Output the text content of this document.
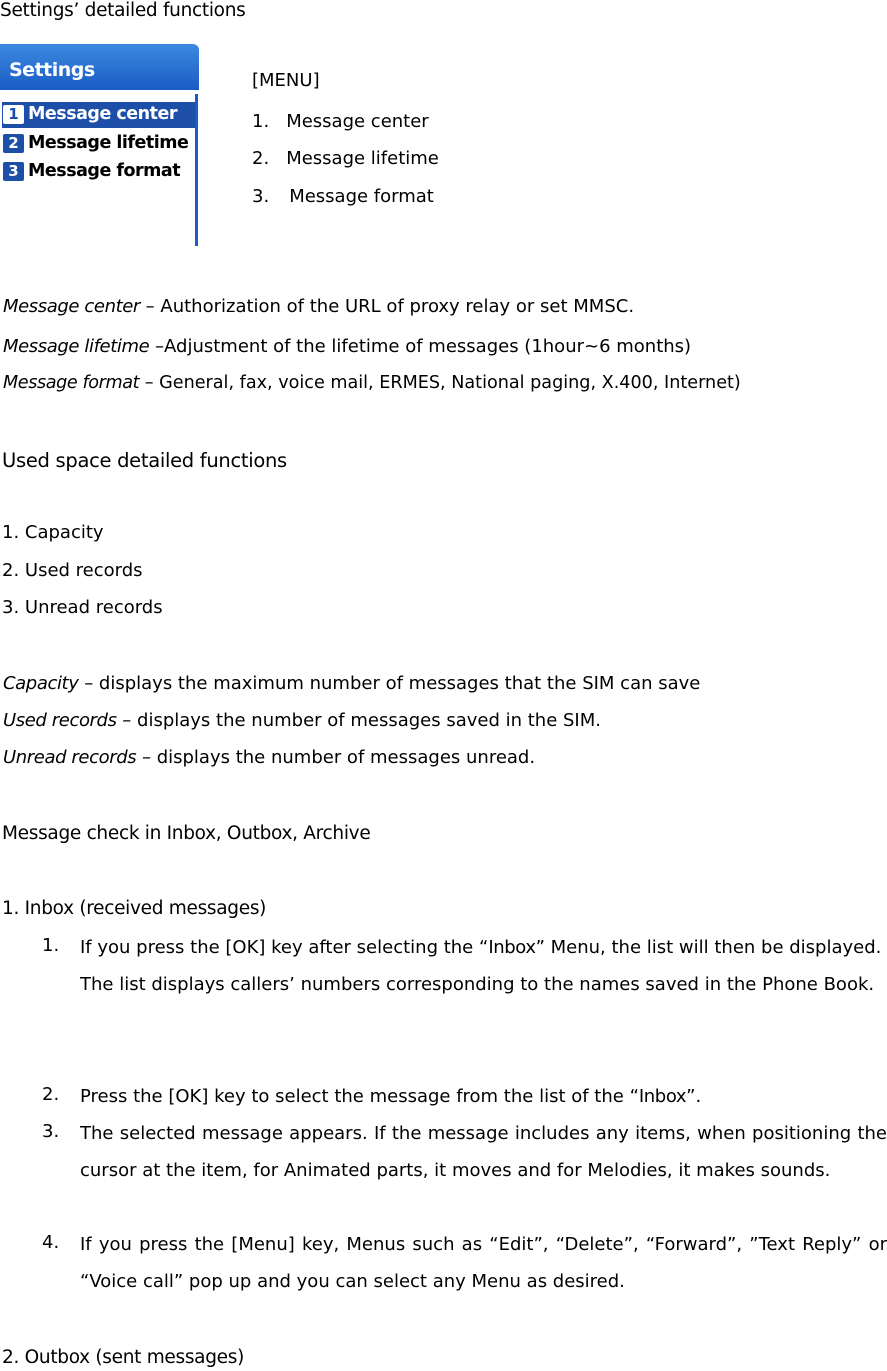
Settings’ detailed functions
Settings
1 Message center
2 Message lifetime
3 Message format
[MENU]
1. Message center
2. Message lifetime
3. Message format
Message center – Authorization of the URL of proxy relay or set MMSC.
Message lifetime –Adjustment of the lifetime of messages (1hour~6 months)
Message format – General, fax, voice mail, ERMES, National paging, X.400, Internet)
Used space detailed functions
1. Capacity
2. Used records
3. Unread records
Capacity – displays the maximum number of messages that the SIM can save
Used records – displays the number of messages saved in the SIM.
Unread records – displays the number of messages unread.
Message check in Inbox, Outbox, Archive
1. Inbox (received messages)
1. If you press the [OK] key after selecting the “Inbox” Menu, the list will then be displayed.
The list displays callers’ numbers corresponding to the names saved in the Phone Book.
2. Press the [OK] key to select the message from the list of the “Inbox”.
3. The selected message appears. If the message includes any items, when positioning the cursor at the item, for Animated parts, it moves and for Melodies, it makes sounds.
4. If you press the [Menu] key, Menus such as “Edit”, “Delete”, “Forward”, ”Text Reply” or “Voice call” pop up and you can select any Menu as desired.
2. Outbox (sent messages)
